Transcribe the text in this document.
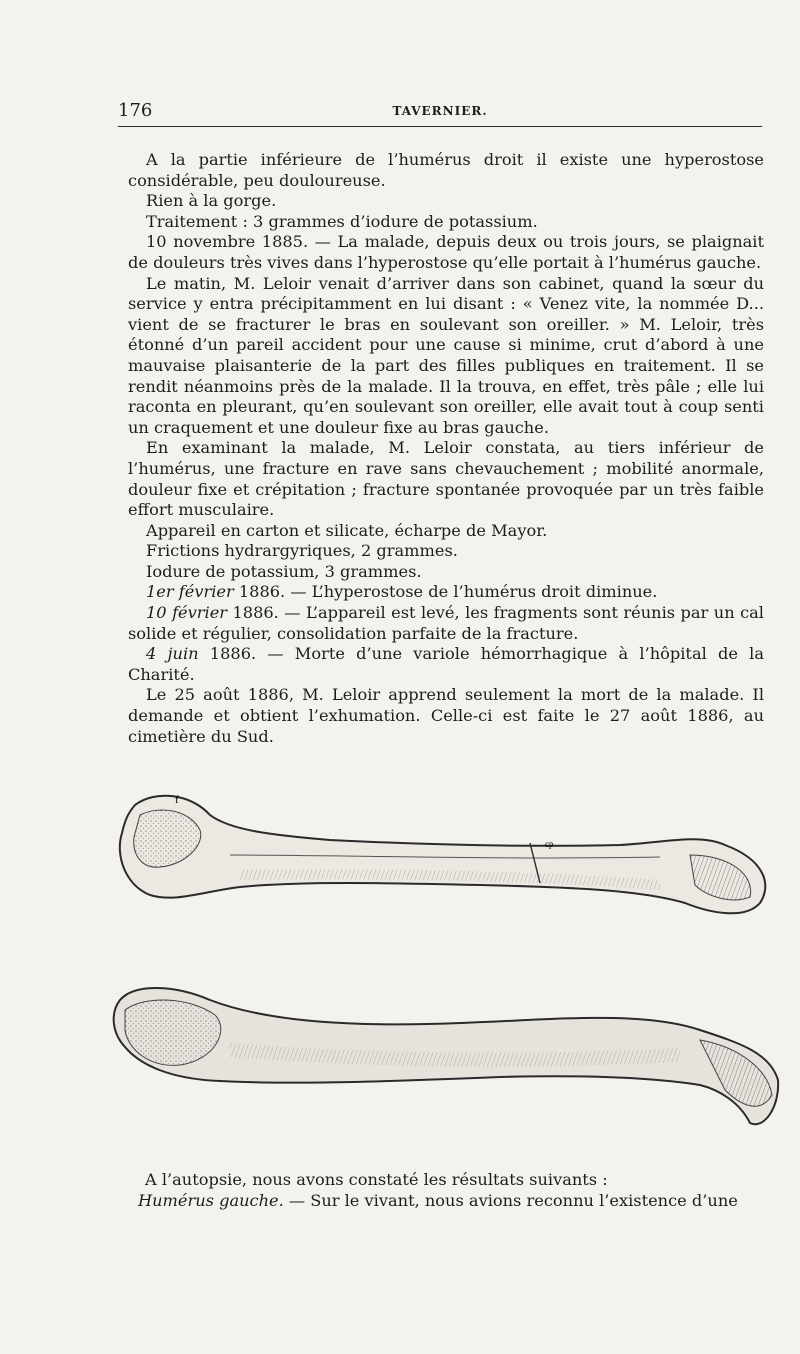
176	TAVERNIER.

A la partie inférieure de l’humérus droit il existe une hyperostose considérable, peu douloureuse.

Rien à la gorge.

Traitement : 3 grammes d’iodure de potassium.

10 novembre 1885. — La malade, depuis deux ou trois jours, se plaignait de douleurs très vives dans l’hyperostose qu’elle portait à l’humérus gauche.

Le matin, M. Leloir venait d’arriver dans son cabinet, quand la sœur du service y entra précipitamment en lui disant : « Venez vite, la nommée D... vient de se fracturer le bras en soulevant son oreiller. » M. Leloir, très étonné d’un pareil accident pour une cause si minime, crut d’abord à une mauvaise plaisanterie de la part des filles publiques en traitement. Il se rendit néanmoins près de la malade. Il la trouva, en effet, très pâle ; elle lui raconta en pleurant, qu’en soulevant son oreiller, elle avait tout à coup senti un craquement et une douleur fixe au bras gauche.

En examinant la malade, M. Leloir constata, au tiers inférieur de l’humérus, une fracture en rave sans chevauchement ; mobilité anormale, douleur fixe et crépitation ; fracture spontanée provoquée par un très faible effort musculaire.

Appareil en carton et silicate, écharpe de Mayor.

Frictions hydrargyriques, 2 grammes.

Iodure de potassium, 3 grammes.

1er février 1886. — L’hyperostose de l’humérus droit diminue.

10 février 1886. — L’appareil est levé, les fragments sont réunis par un cal solide et régulier, consolidation parfaite de la fracture.

4 juin 1886. — Morte d’une variole hémorrhagique à l’hôpital de la Charité.

Le 25 août 1886, M. Leloir apprend seulement la mort de la malade. Il demande et obtient l’exhumation. Celle-ci est faite le 27 août 1886, au cimetière du Sud.

f
cp

A l’autopsie, nous avons constaté les résultats suivants :

Humérus gauche. — Sur le vivant, nous avions reconnu l’existence d’une
